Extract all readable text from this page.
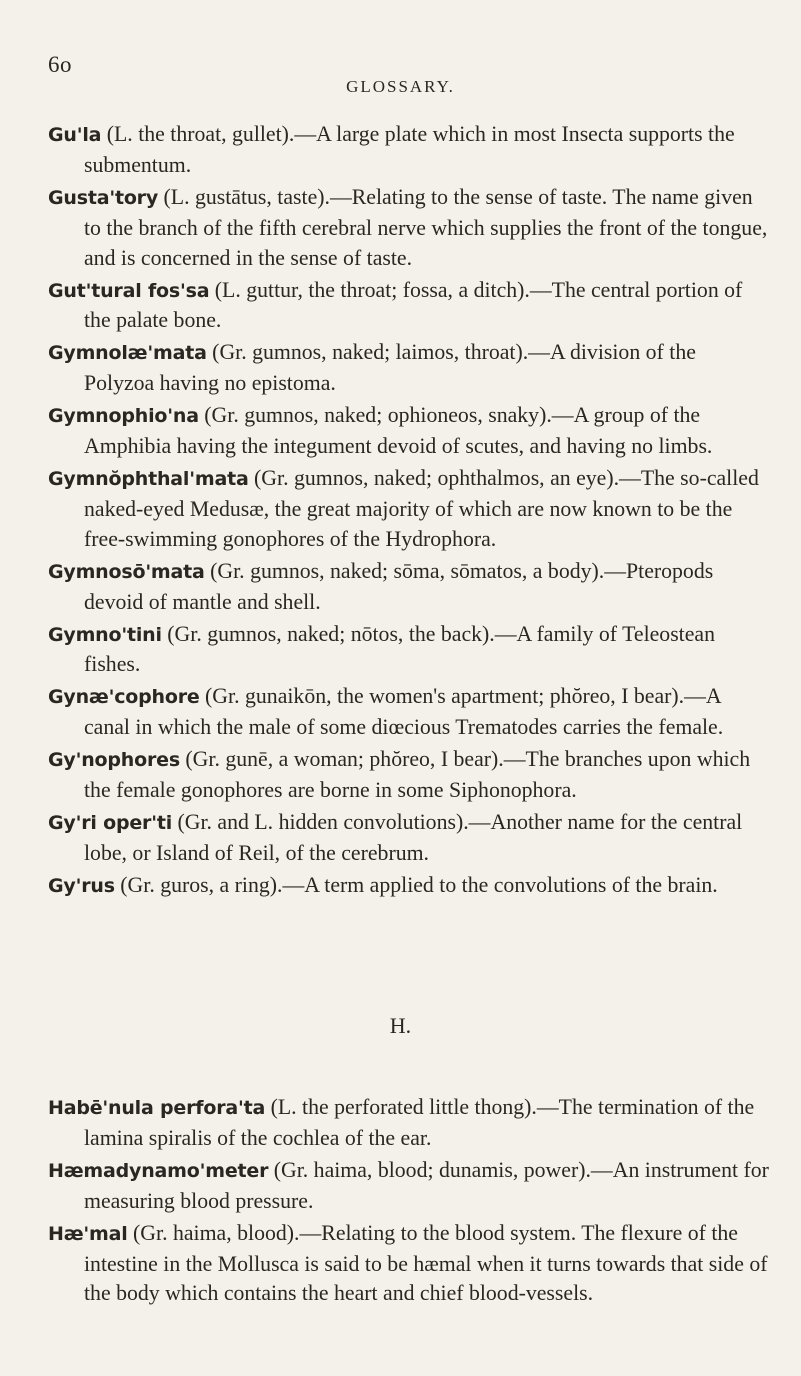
6o
GLOSSARY.

Gu'la (L. the throat, gullet).—A large plate which in most Insecta supports the submentum.

Gusta'tory (L. gustātus, taste).—Relating to the sense of taste. The name given to the branch of the fifth cerebral nerve which supplies the front of the tongue, and is concerned in the sense of taste.

Gut'tural fos'sa (L. guttur, the throat; fossa, a ditch).—The central portion of the palate bone.

Gymnolæ'mata (Gr. gumnos, naked; laimos, throat).—A division of the Polyzoa having no epistoma.

Gymnophio'na (Gr. gumnos, naked; ophioneos, snaky).—A group of the Amphibia having the integument devoid of scutes, and having no limbs.

Gymnŏphthal'mata (Gr. gumnos, naked; ophthalmos, an eye).—The so-called naked-eyed Medusæ, the great majority of which are now known to be the free-swimming gonophores of the Hydrophora.

Gymnosō'mata (Gr. gumnos, naked; sōma, sōmatos, a body).—Pteropods devoid of mantle and shell.

Gymno'tini (Gr. gumnos, naked; nōtos, the back).—A family of Teleostean fishes.

Gynæ'cophore (Gr. gunaikōn, the women's apartment; phŏreo, I bear).—A canal in which the male of some diœcious Trematodes carries the female.

Gy'nophores (Gr. gunē, a woman; phŏreo, I bear).—The branches upon which the female gonophores are borne in some Siphonophora.

Gy'ri oper'ti (Gr. and L. hidden convolutions).—Another name for the central lobe, or Island of Reil, of the cerebrum.

Gy'rus (Gr. guros, a ring).—A term applied to the convolutions of the brain.

H.

Habē'nula perfora'ta (L. the perforated little thong).—The termination of the lamina spiralis of the cochlea of the ear.

Hæmadynamo'meter (Gr. haima, blood; dunamis, power).—An instrument for measuring blood pressure.

Hæ'mal (Gr. haima, blood).—Relating to the blood system. The flexure of the intestine in the Mollusca is said to be hæmal when it turns towards that side of the body which contains the heart and chief blood-vessels.
